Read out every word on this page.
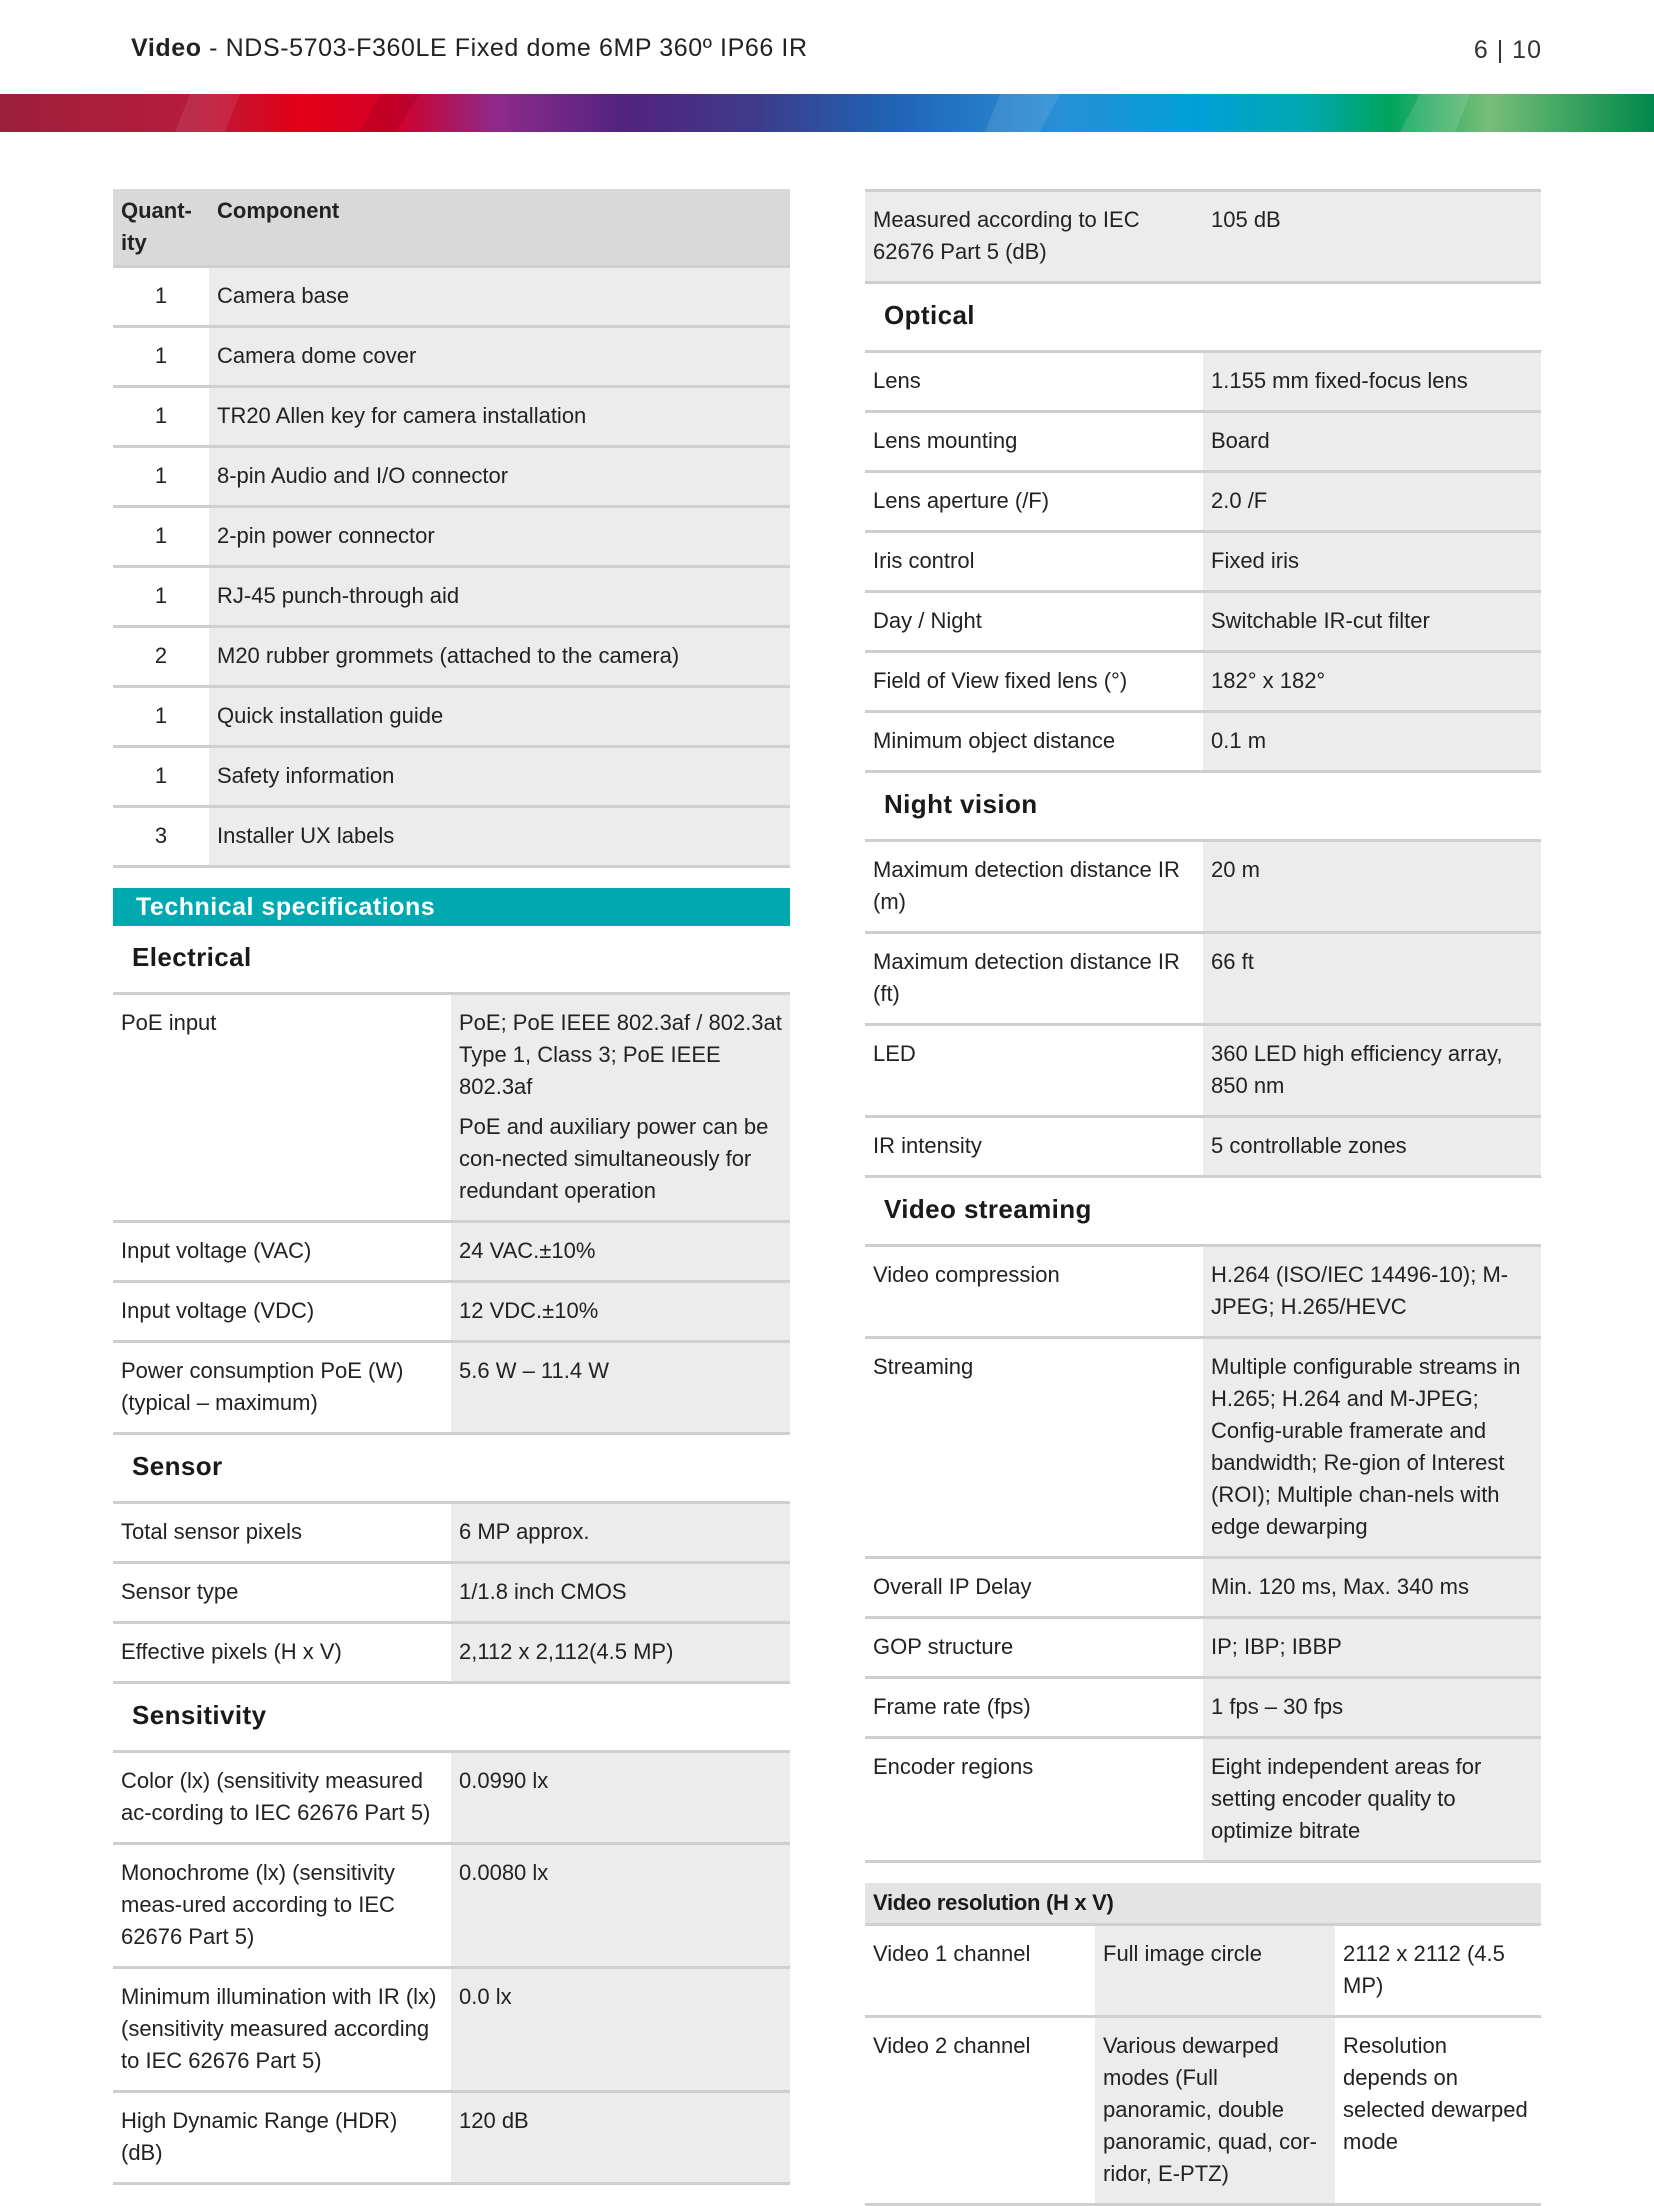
Video - NDS-5703-F360LE Fixed dome 6MP 360º IP66 IR	6 | 10
Quant-ity	Component
1	Camera base
1	Camera dome cover
1	TR20 Allen key for camera installation
1	8-pin Audio and I/O connector
1	2-pin power connector
1	RJ-45 punch-through aid
2	M20 rubber grommets (attached to the camera)
1	Quick installation guide
1	Safety information
3	Installer UX labels
Technical specifications
Electrical
PoE input	PoE; PoE IEEE 802.3af / 802.3at Type 1, Class 3; PoE IEEE 802.3af

PoE and auxiliary power can be con-nected simultaneously for redundant operation

Input voltage (VAC)	24 VAC.±10%
Input voltage (VDC)	12 VDC.±10%
Power consumption PoE (W) (typical – maximum)	5.6 W – 11.4 W
Sensor
Total sensor pixels	6 MP approx.
Sensor type	1/1.8 inch CMOS
Effective pixels (H x V)	2,112 x 2,112(4.5 MP)
Sensitivity
Color (lx) (sensitivity measured ac-cording to IEC 62676 Part 5)	0.0990 lx
Monochrome (lx) (sensitivity meas-ured according to IEC 62676 Part 5)	0.0080 lx
Minimum illumination with IR (lx) (sensitivity measured according to IEC 62676 Part 5)	0.0 lx
High Dynamic Range (HDR) (dB)	120 dB
Measured according to IEC 62676 Part 5 (dB)	105 dB
Optical
Lens	1.155 mm fixed-focus lens
Lens mounting	Board
Lens aperture (/F)	2.0 /F
Iris control	Fixed iris
Day / Night	Switchable IR-cut filter
Field of View fixed lens (°)	182° x 182°
Minimum object distance	0.1 m
Night vision
Maximum detection distance IR (m)	20 m
Maximum detection distance IR (ft)	66 ft
LED	360 LED high efficiency array, 850 nm
IR intensity	5 controllable zones
Video streaming
Video compression	H.264 (ISO/IEC 14496-10); M-JPEG; H.265/HEVC
Streaming	Multiple configurable streams in H.265; H.264 and M-JPEG; Config-urable framerate and bandwidth; Re-gion of Interest (ROI); Multiple chan-nels with edge dewarping
Overall IP Delay	Min. 120 ms, Max. 340 ms
GOP structure	IP; IBP; IBBP
Frame rate (fps)	1 fps – 30 fps
Encoder regions	Eight independent areas for setting encoder quality to optimize bitrate
Video resolution (H x V)
Video 1 channel	Full image circle	2112 x 2112 (4.5 MP)
Video 2 channel	Various dewarped modes (Full panoramic, double panoramic, quad, cor-ridor, E-PTZ)	Resolution depends on selected dewarped mode
